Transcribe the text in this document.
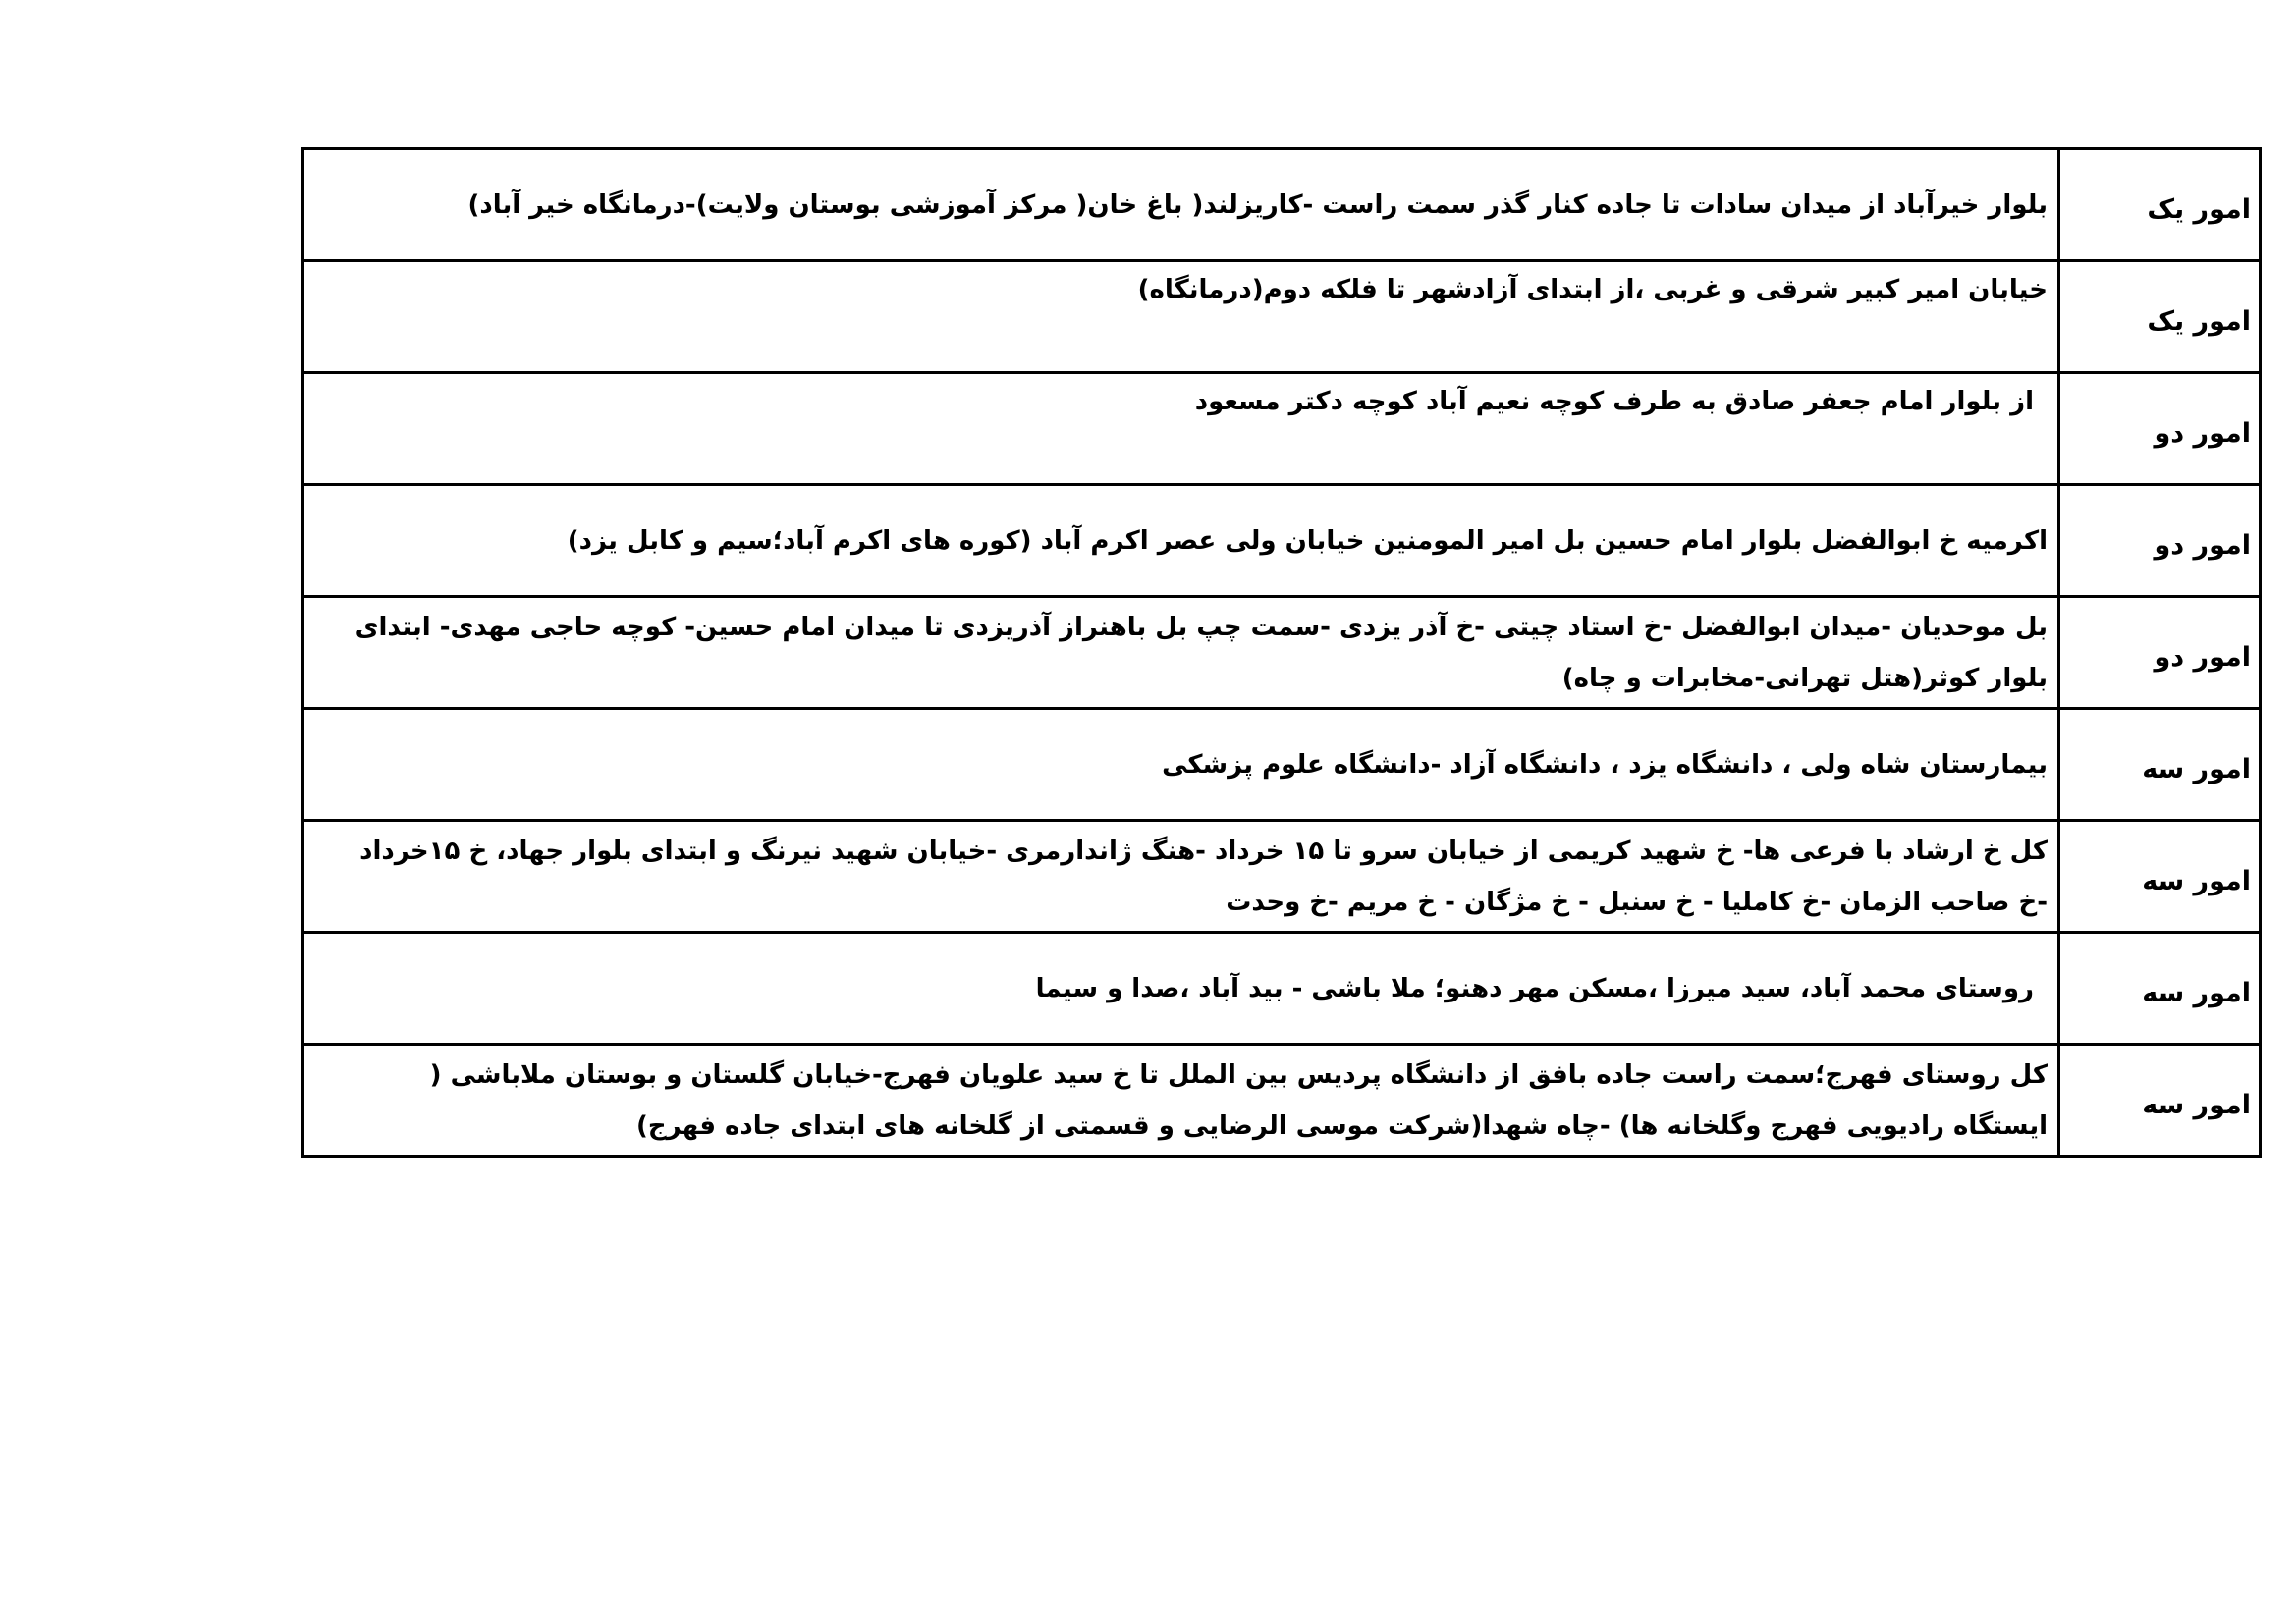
امور یک	بلوار خیرآباد از میدان سادات تا جاده کنار گذر سمت راست -کاریزلند( باغ خان( مرکز آموزشی بوستان ولایت)-درمانگاه خیر آباد)
امور یک	خیابان امیر کبیر شرقی و غربی ،از ابتدای آزادشهر تا فلکه دوم(درمانگاه)
امور دو	از بلوار امام جعفر صادق به طرف کوچه نعیم آباد کوچه دکتر مسعود
امور دو	اکرمیه خ ابوالفضل بلوار امام حسین بل امیر المومنین خیابان ولی عصر اکرم آباد (کوره های اکرم آباد؛سیم و کابل یزد)
امور دو	بل موحدیان -میدان ابوالفضل -خ استاد چیتی -خ آذر یزدی -سمت چپ بل باهنراز آذریزدی تا میدان امام حسین- کوچه حاجی مهدی- ابتدای بلوار کوثر(هتل تهرانی-مخابرات و چاه)
امور سه	بیمارستان شاه ولی ، دانشگاه یزد ، دانشگاه آزاد -دانشگاه علوم پزشکی
امور سه	کل خ ارشاد با فرعی ها- خ شهید کریمی از خیابان سرو تا ۱۵ خرداد -هنگ ژاندارمری -خیابان شهید نیرنگ و ابتدای بلوار جهاد، خ ۱۵خرداد -خ صاحب الزمان -خ کاملیا - خ سنبل - خ مژگان - خ مریم -خ وحدت
امور سه	روستای محمد آباد، سید میرزا ،مسکن مهر دهنو؛ ملا باشی - بید آباد ،صدا و سیما
امور سه	کل روستای فهرج؛سمت راست جاده بافق از دانشگاه پردیس بین الملل تا خ سید علویان فهرج-خیابان گلستان و بوستان ملاباشی ( ایستگاه رادیویی فهرج وگلخانه ها) -چاه شهدا(شرکت موسی الرضایی و قسمتی از گلخانه های ابتدای جاده فهرج)
